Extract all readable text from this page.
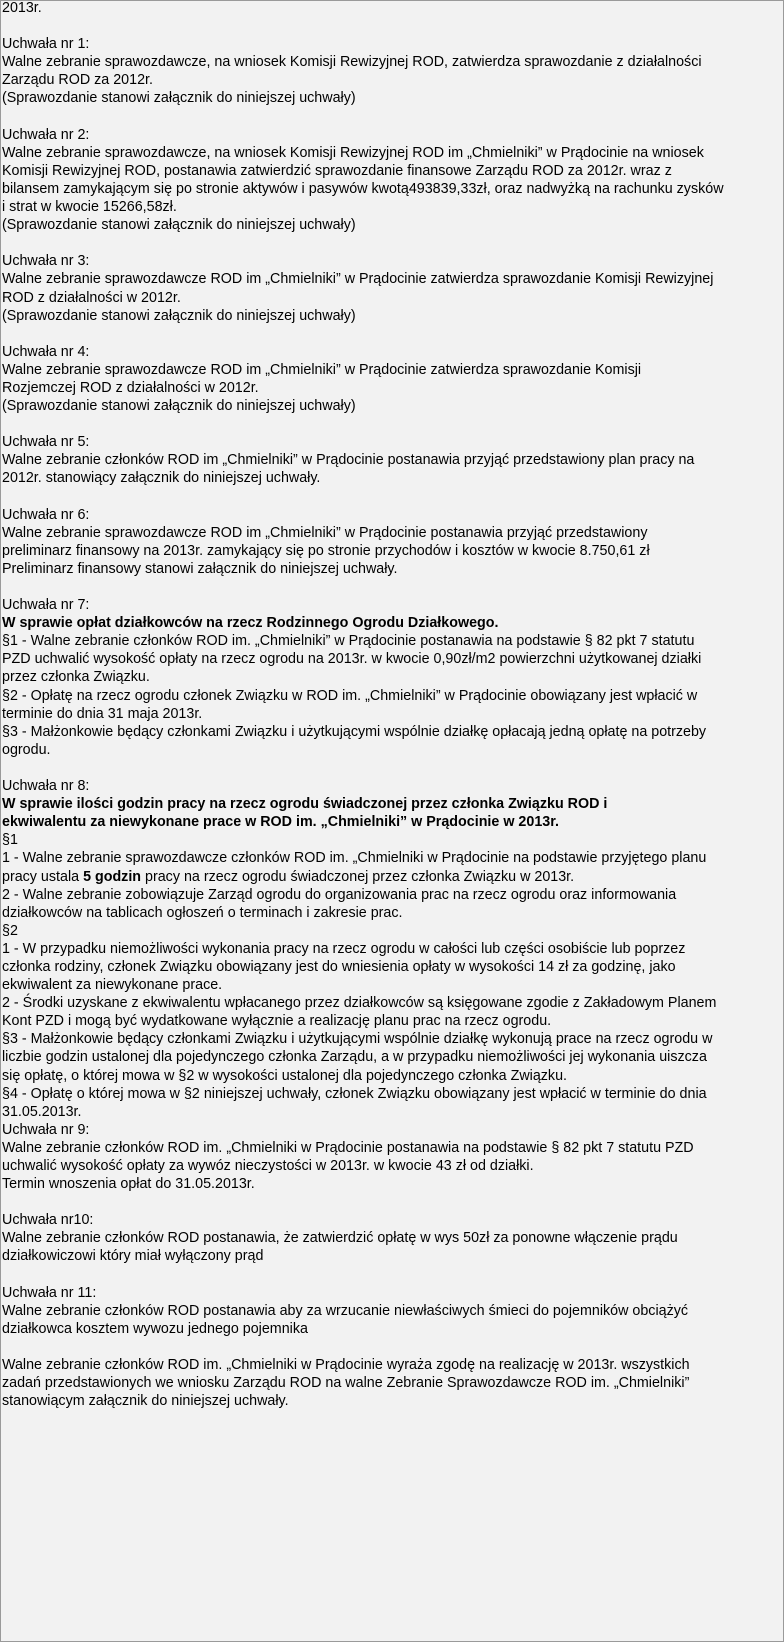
2013r.
Uchwała nr 1:
Walne zebranie sprawozdawcze, na wniosek Komisji Rewizyjnej ROD, zatwierdza sprawozdanie z działalności
Zarządu ROD za 2012r.
(Sprawozdanie stanowi załącznik do niniejszej uchwały)
Uchwała nr 2:
Walne zebranie sprawozdawcze, na wniosek Komisji Rewizyjnej ROD im „Chmielniki” w Prądocinie na wniosek
Komisji Rewizyjnej ROD, postanawia zatwierdzić sprawozdanie finansowe Zarządu ROD za 2012r. wraz z
bilansem zamykającym się po stronie aktywów i pasywów kwotą493839,33zł, oraz nadwyżką na rachunku zysków
i strat w kwocie 15266,58zł.
(Sprawozdanie stanowi załącznik do niniejszej uchwały)
Uchwała nr 3:
Walne zebranie sprawozdawcze ROD im „Chmielniki” w Prądocinie zatwierdza sprawozdanie Komisji Rewizyjnej
ROD z działalności w 2012r.
(Sprawozdanie stanowi załącznik do niniejszej uchwały)
Uchwała nr 4:
Walne zebranie sprawozdawcze ROD im „Chmielniki” w Prądocinie zatwierdza sprawozdanie Komisji
Rozjemczej ROD z działalności w 2012r.
(Sprawozdanie stanowi załącznik do niniejszej uchwały)
Uchwała nr 5:
Walne zebranie członków ROD im „Chmielniki” w Prądocinie postanawia przyjąć przedstawiony plan pracy na
2012r. stanowiący załącznik do niniejszej uchwały.
Uchwała nr 6:
Walne zebranie sprawozdawcze ROD im „Chmielniki” w Prądocinie postanawia przyjąć przedstawiony
preliminarz finansowy na 2013r. zamykający się po stronie przychodów i kosztów w kwocie 8.750,61 zł
Preliminarz finansowy stanowi załącznik do niniejszej uchwały.
Uchwała nr 7:
W sprawie opłat działkowców na rzecz Rodzinnego Ogrodu Działkowego.
§1 - Walne zebranie członków ROD im. „Chmielniki” w Prądocinie postanawia na podstawie § 82 pkt 7 statutu
PZD uchwalić wysokość opłaty na rzecz ogrodu na 2013r. w kwocie 0,90zł/m2 powierzchni użytkowanej działki
przez członka Związku.
§2 - Opłatę na rzecz ogrodu członek Związku w ROD im. „Chmielniki” w Prądocinie obowiązany jest wpłacić w
terminie do dnia 31 maja 2013r.
§3 - Małżonkowie będący członkami Związku i użytkującymi wspólnie działkę opłacają jedną opłatę na potrzeby
ogrodu.
Uchwała nr 8:
W sprawie ilości godzin pracy na rzecz ogrodu świadczonej przez członka Związku ROD i
ekwiwalentu za niewykonane prace w ROD im. „Chmielniki” w Prądocinie w 2013r.
§1
1 - Walne zebranie sprawozdawcze członków ROD im. „Chmielniki w Prądocinie na podstawie przyjętego planu
pracy ustala 5 godzin pracy na rzecz ogrodu świadczonej przez członka Związku w 2013r.
2 - Walne zebranie zobowiązuje Zarząd ogrodu do organizowania prac na rzecz ogrodu oraz informowania
działkowców na tablicach ogłoszeń o terminach i zakresie prac.
§2
1 - W przypadku niemożliwości wykonania pracy na rzecz ogrodu w całości lub części osobiście lub poprzez
członka rodziny, członek Związku obowiązany jest do wniesienia opłaty w wysokości 14 zł za godzinę, jako
ekwiwalent za niewykonane prace.
2 - Środki uzyskane z ekwiwalentu wpłacanego przez działkowców są księgowane zgodie z Zakładowym Planem
Kont PZD i mogą być wydatkowane wyłącznie a realizację planu prac na rzecz ogrodu.
§3 - Małżonkowie będący członkami Związku i użytkującymi wspólnie działkę wykonują prace na rzecz ogrodu w
liczbie godzin ustalonej dla pojedynczego członka Zarządu, a w przypadku niemożliwości jej wykonania uiszcza
się opłatę, o której mowa w §2 w wysokości ustalonej dla pojedynczego członka Związku.
§4 - Opłatę o której mowa w §2 niniejszej uchwały, członek Związku obowiązany jest wpłacić w terminie do dnia
31.05.2013r.
Uchwała nr 9:
Walne zebranie członków ROD im. „Chmielniki w Prądocinie postanawia na podstawie § 82 pkt 7 statutu PZD
uchwalić wysokość opłaty za wywóz nieczystości w 2013r. w kwocie 43 zł od działki.
Termin wnoszenia opłat do 31.05.2013r.
Uchwała nr10:
Walne zebranie członków ROD postanawia, że zatwierdzić opłatę w wys 50zł za ponowne włączenie prądu
działkowiczowi który miał wyłączony prąd
Uchwała nr 11:
Walne zebranie członków ROD postanawia aby za wrzucanie niewłaściwych śmieci do pojemników obciążyć
działkowca kosztem wywozu jednego pojemnika
Walne zebranie członków ROD im. „Chmielniki w Prądocinie wyraża zgodę na realizację w 2013r. wszystkich
zadań przedstawionych we wniosku Zarządu ROD na walne Zebranie Sprawozdawcze ROD im. „Chmielniki”
stanowiącym załącznik do niniejszej uchwały.
